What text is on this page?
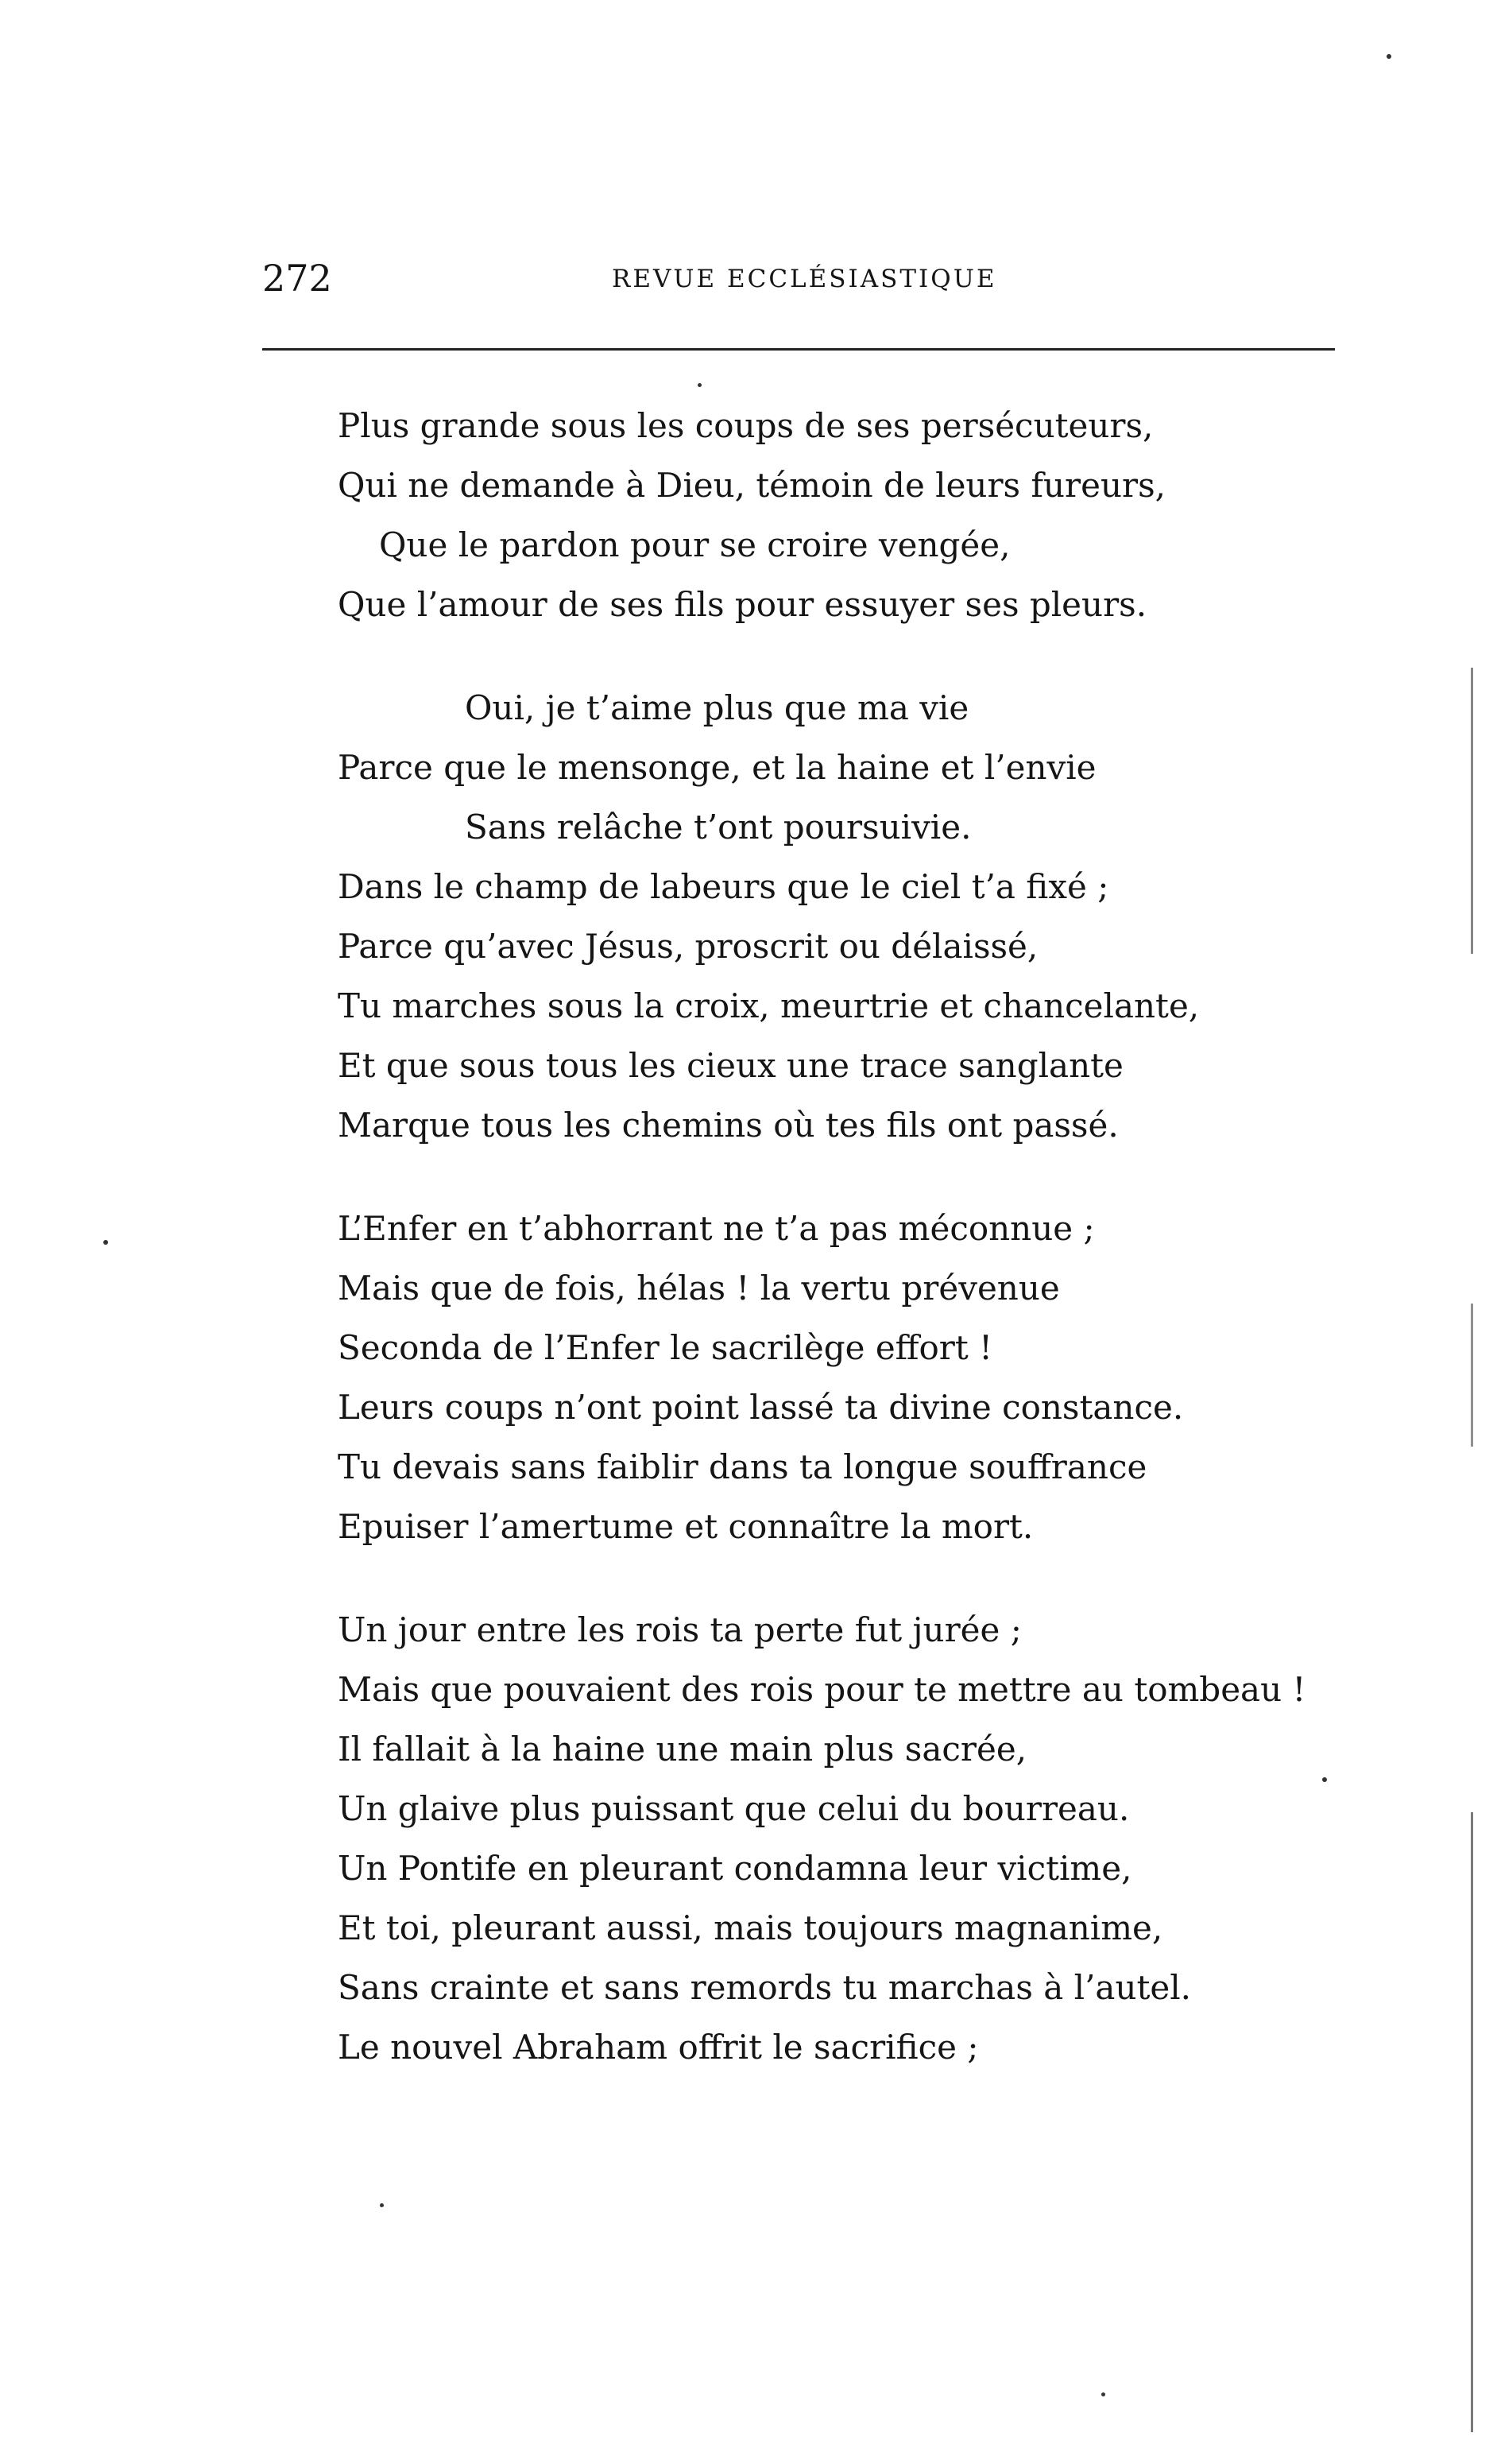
272	REVUE ECCLÉSIASTIQUE
Plus grande sous les coups de ses persécuteurs,
Qui ne demande à Dieu, témoin de leurs fureurs,
Que le pardon pour se croire vengée,
Que l’amour de ses fils pour essuyer ses pleurs.
Oui, je t’aime plus que ma vie
Parce que le mensonge, et la haine et l’envie
Sans relâche t’ont poursuivie.
Dans le champ de labeurs que le ciel t’a fixé ;
Parce qu’avec Jésus, proscrit ou délaissé,
Tu marches sous la croix, meurtrie et chancelante,
Et que sous tous les cieux une trace sanglante
Marque tous les chemins où tes fils ont passé.
L’Enfer en t’abhorrant ne t’a pas méconnue ;
Mais que de fois, hélas ! la vertu prévenue
Seconda de l’Enfer le sacrilège effort !
Leurs coups n’ont point lassé ta divine constance.
Tu devais sans faiblir dans ta longue souffrance
Epuiser l’amertume et connaître la mort.
Un jour entre les rois ta perte fut jurée ;
Mais que pouvaient des rois pour te mettre au tombeau !
Il fallait à la haine une main plus sacrée,
Un glaive plus puissant que celui du bourreau.
Un Pontife en pleurant condamna leur victime,
Et toi, pleurant aussi, mais toujours magnanime,
Sans crainte et sans remords tu marchas à l’autel.
Le nouvel Abraham offrit le sacrifice ;
